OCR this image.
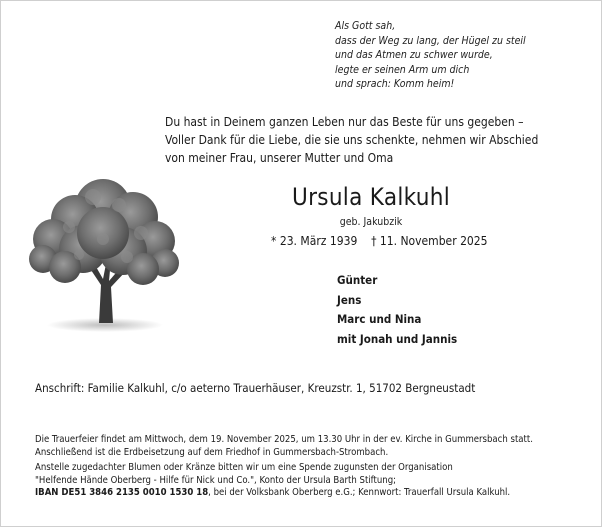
Als Gott sah,
dass der Weg zu lang, der Hügel zu steil
und das Atmen zu schwer wurde,
legte er seinen Arm um dich
und sprach: Komm heim!
Du hast in Deinem ganzen Leben nur das Beste für uns gegeben –
Voller Dank für die Liebe, die sie uns schenkte, nehmen wir Abschied
von meiner Frau, unserer Mutter und Oma
Ursula Kalkuhl
geb. Jakubzik
* 23. März 1939 † 11. November 2025
Günter
Jens
Marc und Nina
mit Jonah und Jannis
Anschrift: Familie Kalkuhl, c/o aeterno Trauerhäuser, Kreuzstr. 1, 51702 Bergneustadt
Die Trauerfeier findet am Mittwoch, dem 19. November 2025, um 13.30 Uhr in der ev. Kirche in Gummersbach statt.
Anschließend ist die Erdbeisetzung auf dem Friedhof in Gummersbach-Strombach.
Anstelle zugedachter Blumen oder Kränze bitten wir um eine Spende zugunsten der Organisation
"Helfende Hände Oberberg - Hilfe für Nick und Co.", Konto der Ursula Barth Stiftung;
IBAN DE51 3846 2135 0010 1530 18, bei der Volksbank Oberberg e.G.; Kennwort: Trauerfall Ursula Kalkuhl.
